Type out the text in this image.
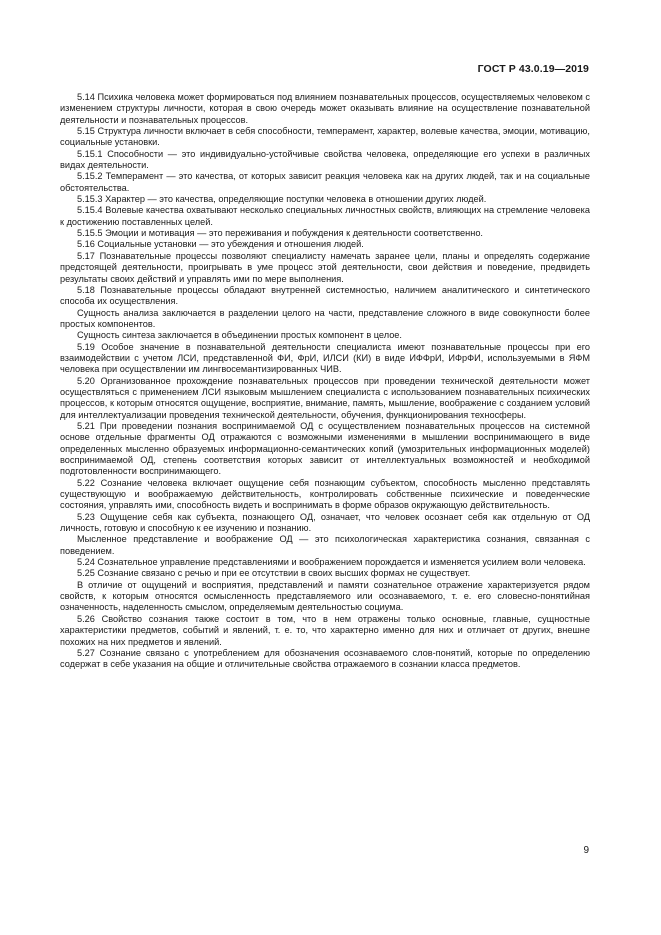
ГОСТ Р 43.0.19—2019

5.14 Психика человека может формироваться под влиянием познавательных процессов, осуществляемых человеком с изменением структуры личности, которая в свою очередь может оказывать влияние на осуществление познавательной деятельности и познавательных процессов.

5.15 Структура личности включает в себя способности, темперамент, характер, волевые качества, эмоции, мотивацию, социальные установки.

5.15.1 Способности — это индивидуально-устойчивые свойства человека, определяющие его успехи в различных видах деятельности.

5.15.2 Темперамент — это качества, от которых зависит реакция человека как на других людей, так и на социальные обстоятельства.

5.15.3 Характер — это качества, определяющие поступки человека в отношении других людей.

5.15.4 Волевые качества охватывают несколько специальных личностных свойств, влияющих на стремление человека к достижению поставленных целей.

5.15.5 Эмоции и мотивация — это переживания и побуждения к деятельности соответственно.

5.16 Социальные установки — это убеждения и отношения людей.

5.17 Познавательные процессы позволяют специалисту намечать заранее цели, планы и определять содержание предстоящей деятельности, проигрывать в уме процесс этой деятельности, свои действия и поведение, предвидеть результаты своих действий и управлять ими по мере выполнения.

5.18 Познавательные процессы обладают внутренней системностью, наличием аналитического и синтетического способа их осуществления.

Сущность анализа заключается в разделении целого на части, представление сложного в виде совокупности более простых компонентов.

Сущность синтеза заключается в объединении простых компонент в целое.

5.19 Особое значение в познавательной деятельности специалиста имеют познавательные процессы при его взаимодействии с учетом ЛСИ, представленной ФИ, ФрИ, ИЛСИ (КИ) в виде ИФФрИ, ИФрФИ, используемыми в ЯФМ человека при осуществлении им лингвосемантизированных ЧИВ.

5.20 Организованное прохождение познавательных процессов при проведении технической деятельности может осуществляться с применением ЛСИ языковым мышлением специалиста с использованием познавательных психических процессов, к которым относятся ощущение, восприятие, внимание, память, мышление, воображение с созданием условий для интеллектуализации проведения технической деятельности, обучения, функционирования техносферы.

5.21 При проведении познания воспринимаемой ОД с осуществлением познавательных процессов на системной основе отдельные фрагменты ОД отражаются с возможными изменениями в мышлении воспринимающего в виде определенных мысленно образуемых информационно-семантических копий (умозрительных информационных моделей) воспринимаемой ОД, степень соответствия которых зависит от интеллектуальных возможностей и необходимой подготовленности воспринимающего.

5.22 Сознание человека включает ощущение себя познающим субъектом, способность мысленно представлять существующую и воображаемую действительность, контролировать собственные психические и поведенческие состояния, управлять ими, способность видеть и воспринимать в форме образов окружающую действительность.

5.23 Ощущение себя как субъекта, познающего ОД, означает, что человек осознает себя как отдельную от ОД личность, готовую и способную к ее изучению и познанию.

Мысленное представление и воображение ОД — это психологическая характеристика сознания, связанная с поведением.

5.24 Сознательное управление представлениями и воображением порождается и изменяется усилием воли человека.

5.25 Сознание связано с речью и при ее отсутствии в своих высших формах не существует.

В отличие от ощущений и восприятия, представлений и памяти сознательное отражение характеризуется рядом свойств, к которым относятся осмысленность представляемого или осознаваемого, т. е. его словесно-понятийная означенность, наделенность смыслом, определяемым деятельностью социума.

5.26 Свойство сознания также состоит в том, что в нем отражены только основные, главные, сущностные характеристики предметов, событий и явлений, т. е. то, что характерно именно для них и отличает от других, внешне похожих на них предметов и явлений.

5.27 Сознание связано с употреблением для обозначения осознаваемого слов-понятий, которые по определению содержат в себе указания на общие и отличительные свойства отражаемого в сознании класса предметов.

9
